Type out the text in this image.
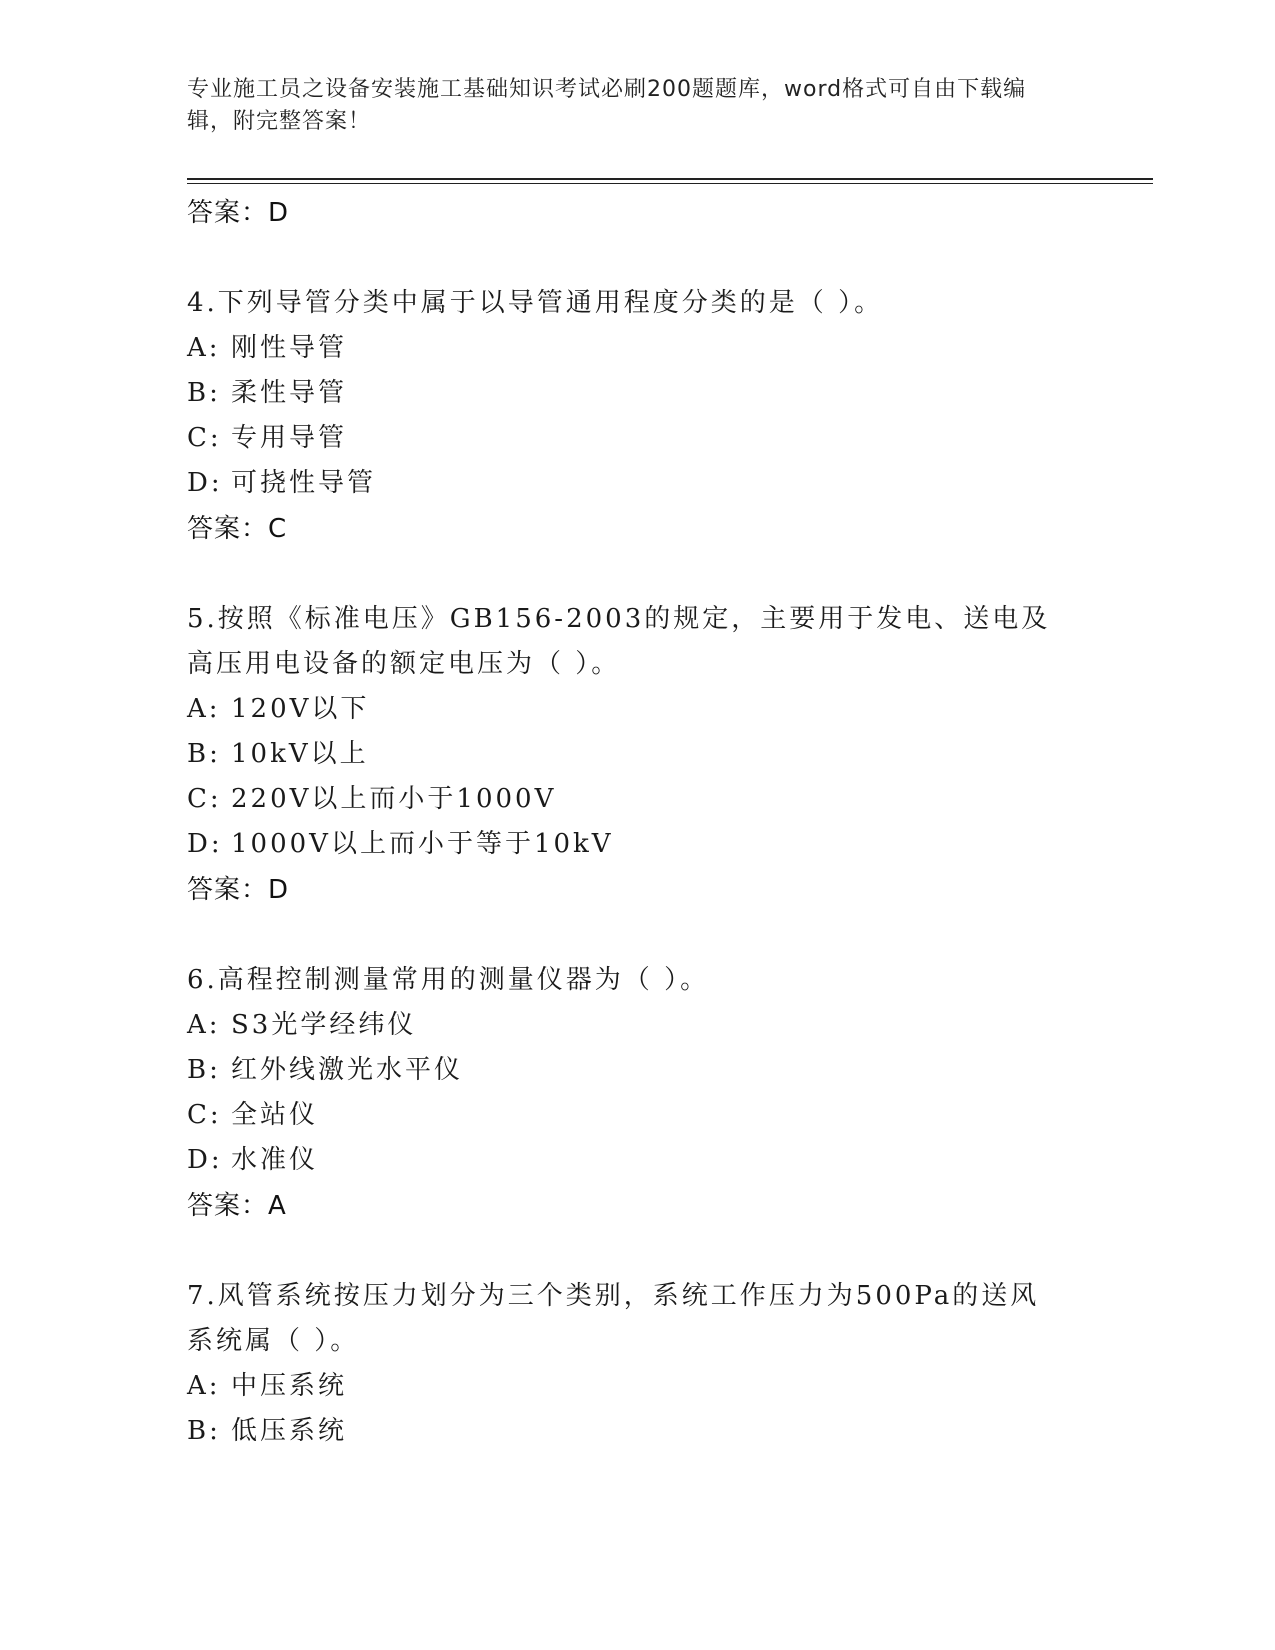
专业施工员之设备安装施工基础知识考试必刷200题题库，word格式可自由下载编辑，附完整答案！
答案：D
4.下列导管分类中属于以导管通用程度分类的是（ ）。
A: 刚性导管
B: 柔性导管
C: 专用导管
D: 可挠性导管
答案：C
5.按照《标准电压》GB156-2003的规定，主要用于发电、送电及高压用电设备的额定电压为（ ）。
A: 120V以下
B: 10kV以上
C: 220V以上而小于1000V
D: 1000V以上而小于等于10kV
答案：D
6.高程控制测量常用的测量仪器为（ ）。
A: S3光学经纬仪
B: 红外线激光水平仪
C: 全站仪
D: 水准仪
答案：A
7.风管系统按压力划分为三个类别，系统工作压力为500Pa的送风系统属（ ）。
A: 中压系统
B: 低压系统
